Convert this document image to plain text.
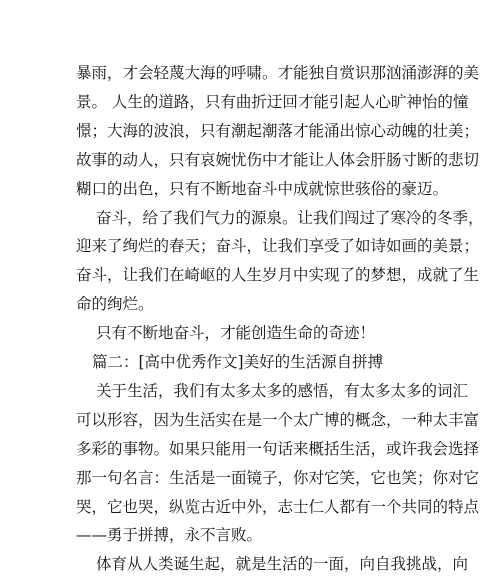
暴雨，才会轻蔑大海的呼啸。才能独自赏识那汹涌澎湃的美
景。 人生的道路，只有曲折迂回才能引起人心旷神怡的憧
憬；大海的波浪，只有潮起潮落才能涌出惊心动魄的壮美；
故事的动人，只有哀婉忧伤中才能让人体会肝肠寸断的悲切
糊口的出色，只有不断地奋斗中成就惊世骇俗的豪迈。
奋斗，给了我们气力的源泉。让我们闯过了寒冷的冬季，
迎来了绚烂的春天；奋斗，让我们享受了如诗如画的美景；
奋斗，让我们在崎岖的人生岁月中实现了的梦想，成就了生
命的绚烂。
只有不断地奋斗，才能创造生命的奇迹！
篇二：[高中优秀作文]美好的生活源自拼搏
关于生活，我们有太多太多的感悟，有太多太多的词汇
可以形容，因为生活实在是一个太广博的概念，一种太丰富
多彩的事物。如果只能用一句话来概括生活，或许我会选择
那一句名言：生活是一面镜子，你对它笑，它也笑；你对它
哭，它也哭，纵览古近中外，志士仁人都有一个共同的特点
——勇于拼搏，永不言败。
体育从人类诞生起，就是生活的一面，向自我挑战，向
